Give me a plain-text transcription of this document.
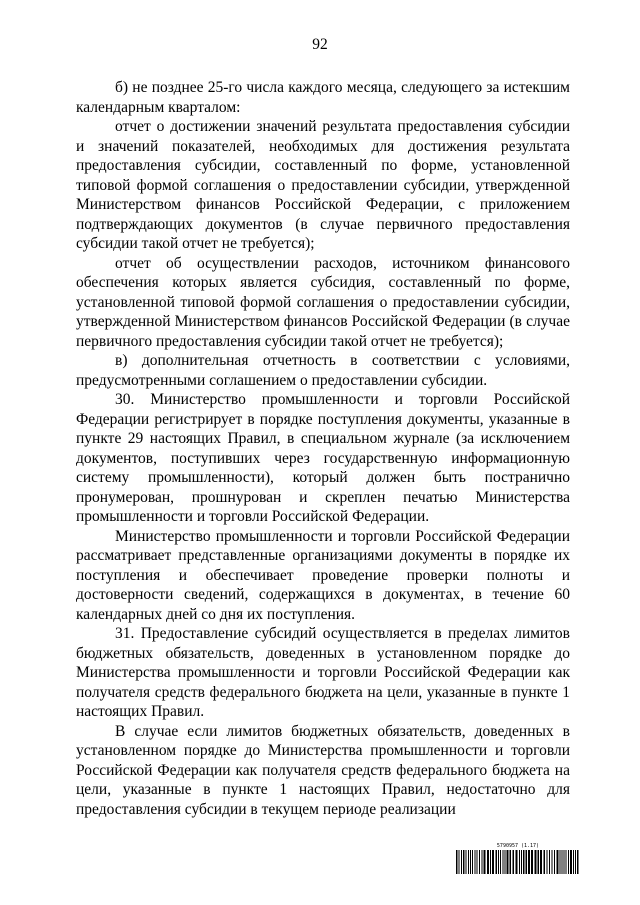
92

б) не позднее 25-го числа каждого месяца, следующего за истекшим календарным кварталом:

отчет о достижении значений результата предоставления субсидии и значений показателей, необходимых для достижения результата предоставления субсидии, составленный по форме, установленной типовой формой соглашения о предоставлении субсидии, утвержденной Министерством финансов Российской Федерации, с приложением подтверждающих документов (в случае первичного предоставления субсидии такой отчет не требуется);

отчет об осуществлении расходов, источником финансового обеспечения которых является субсидия, составленный по форме, установленной типовой формой соглашения о предоставлении субсидии, утвержденной Министерством финансов Российской Федерации (в случае первичного предоставления субсидии такой отчет не требуется);

в) дополнительная отчетность в соответствии с условиями, предусмотренными соглашением о предоставлении субсидии.

30. Министерство промышленности и торговли Российской Федерации регистрирует в порядке поступления документы, указанные в пункте 29 настоящих Правил, в специальном журнале (за исключением документов, поступивших через государственную информационную систему промышленности), который должен быть постранично пронумерован, прошнурован и скреплен печатью Министерства промышленности и торговли Российской Федерации.

Министерство промышленности и торговли Российской Федерации рассматривает представленные организациями документы в порядке их поступления и обеспечивает проведение проверки полноты и достоверности сведений, содержащихся в документах, в течение 60 календарных дней со дня их поступления.

31. Предоставление субсидий осуществляется в пределах лимитов бюджетных обязательств, доведенных в установленном порядке до Министерства промышленности и торговли Российской Федерации как получателя средств федерального бюджета на цели, указанные в пункте 1 настоящих Правил.

В случае если лимитов бюджетных обязательств, доведенных в установленном порядке до Министерства промышленности и торговли Российской Федерации как получателя средств федерального бюджета на цели, указанные в пункте 1 настоящих Правил, недостаточно для предоставления субсидии в текущем периоде реализации

5790957 (1.17)
